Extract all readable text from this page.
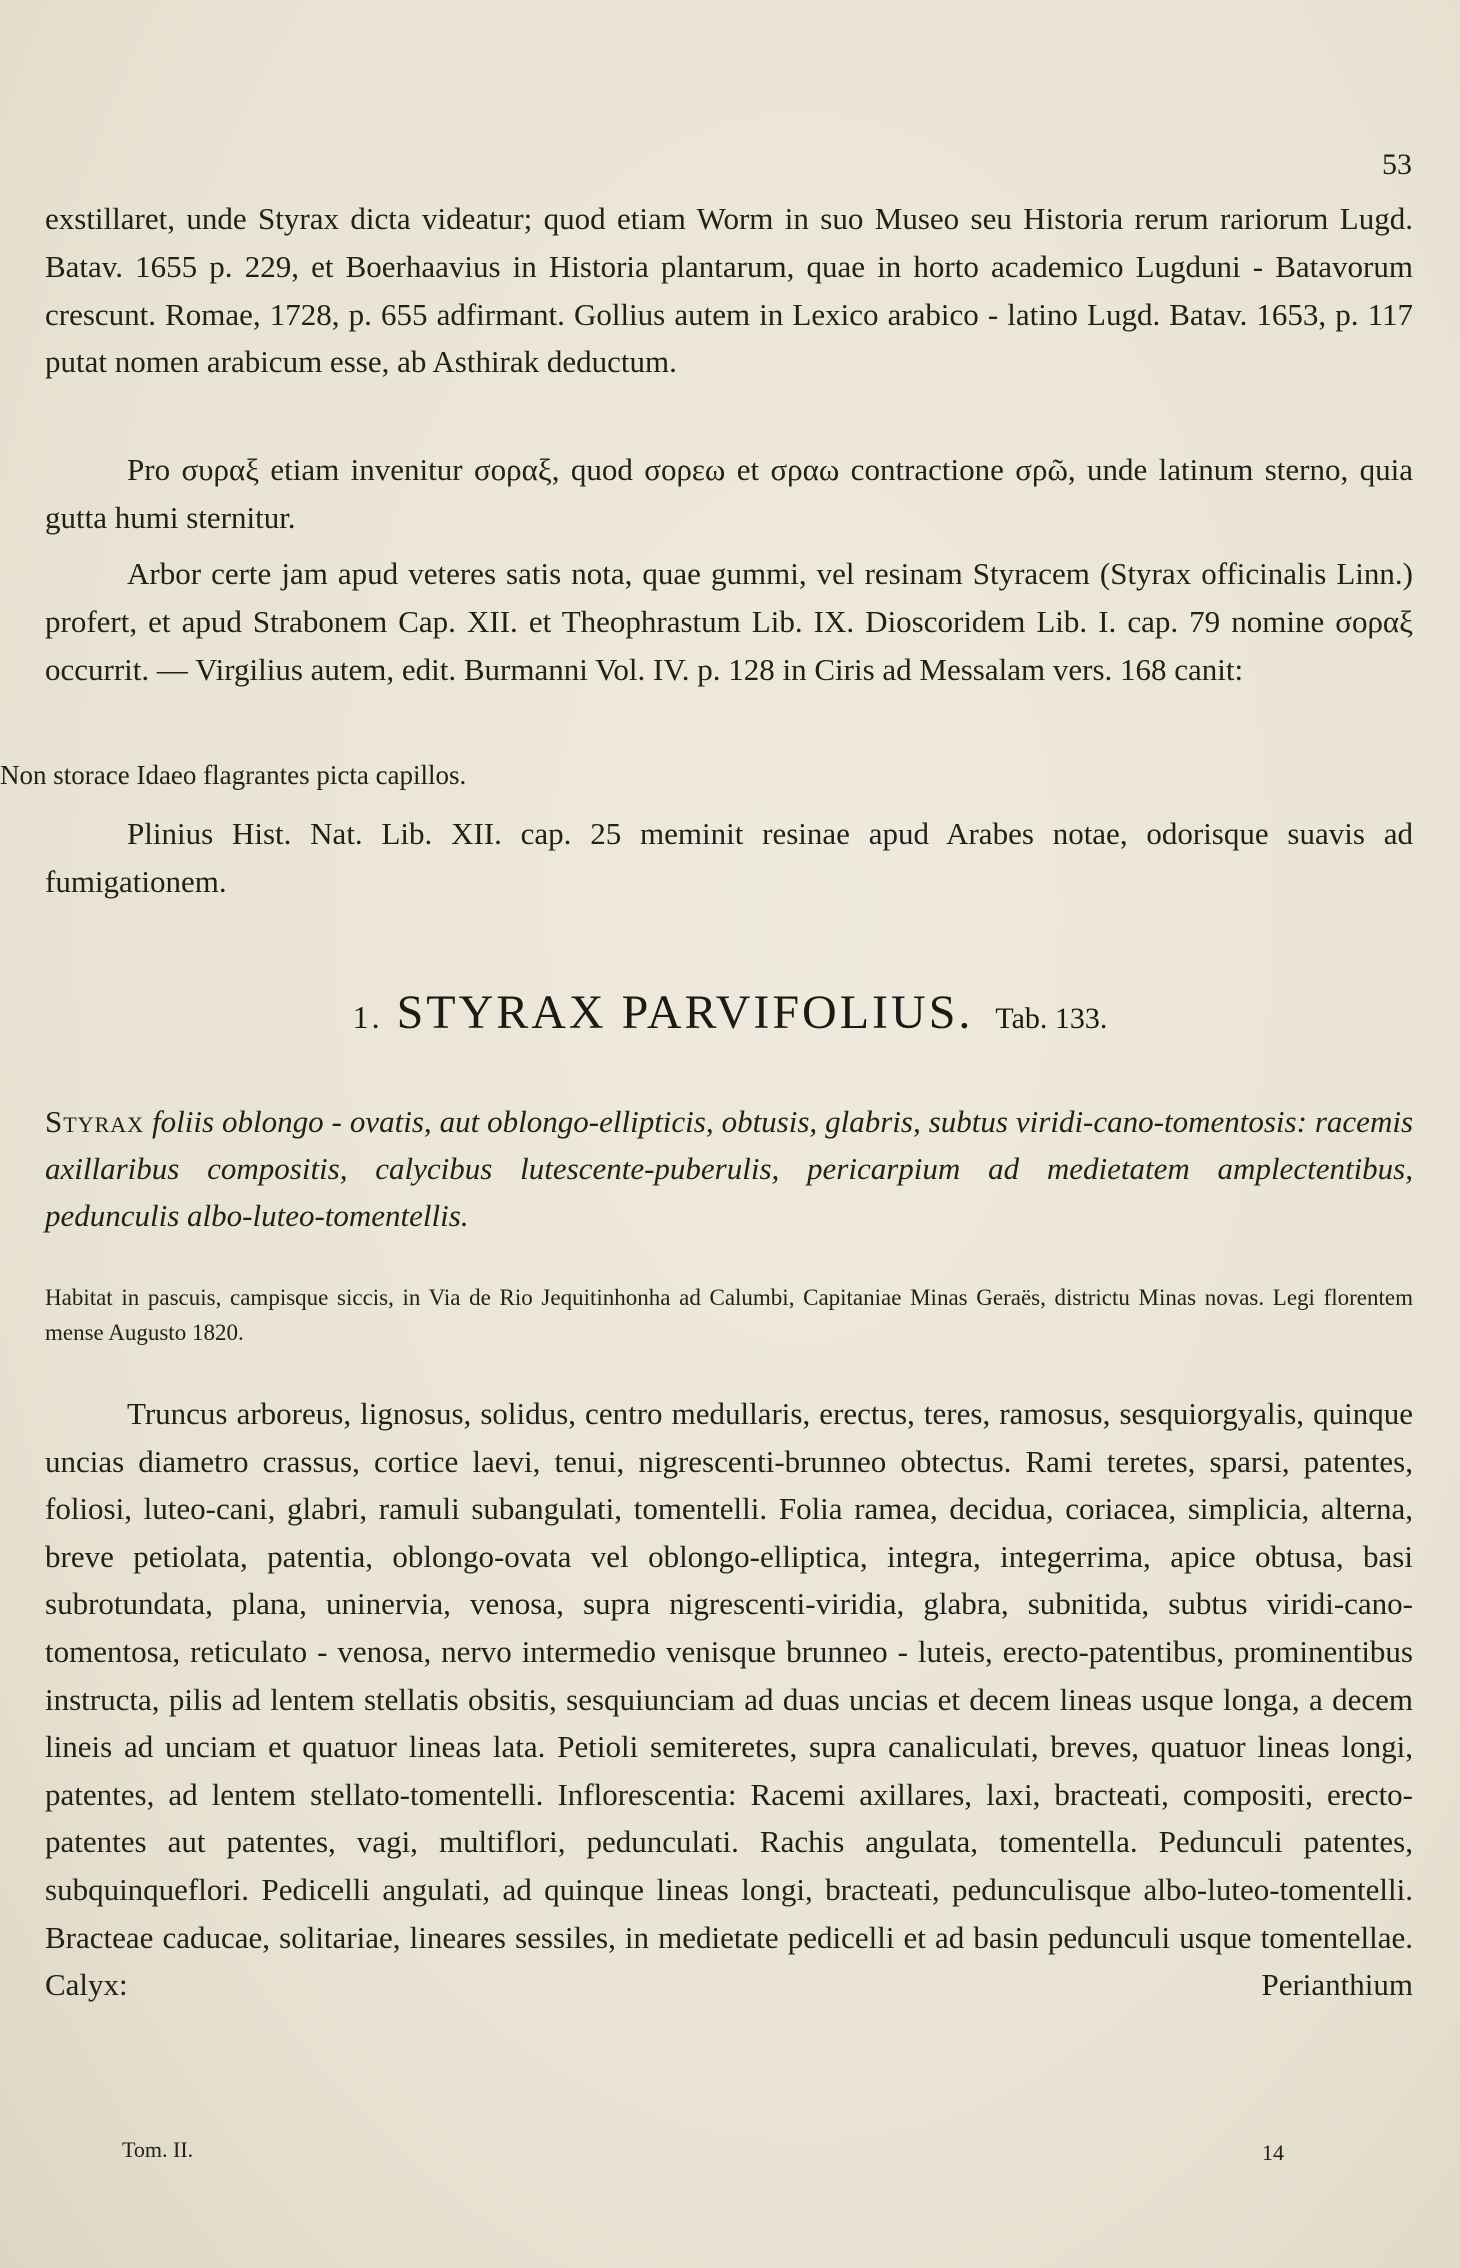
53
exstillaret, unde Styrax dicta videatur; quod etiam Worm in suo Museo seu Historia rerum rariorum Lugd. Batav. 1655 p. 229, et Boerhaavius in Historia plantarum, quae in horto academico Lugduni - Batavorum crescunt. Romae, 1728, p. 655 adfirmant. Gollius autem in Lexico arabico - latino Lugd. Batav. 1653, p. 117 putat nomen arabicum esse, ab Asthirak deductum.
Pro συραξ etiam invenitur σοραξ, quod σορεω et σραω contractione σρῶ, unde latinum sterno, quia gutta humi sternitur.
Arbor certe jam apud veteres satis nota, quae gummi, vel resinam Styracem (Styrax officinalis Linn.) profert, et apud Strabonem Cap. XII. et Theophrastum Lib. IX. Dioscoridem Lib. I. cap. 79 nomine σοραξ occurrit. — Virgilius autem, edit. Burmanni Vol. IV. p. 128 in Ciris ad Messalam vers. 168 canit:
Non storace Idaeo flagrantes picta capillos.
Plinius Hist. Nat. Lib. XII. cap. 25 meminit resinae apud Arabes notae, odorisque suavis ad fumigationem.
1. STYRAX PARVIFOLIUS. Tab. 133.
Styrax foliis oblongo - ovatis, aut oblongo-ellipticis, obtusis, glabris, subtus viridi-cano-tomentosis: racemis axillaribus compositis, calycibus lutescente-puberulis, pericarpium ad medietatem amplectentibus, pedunculis albo-luteo-tomentellis.
Habitat in pascuis, campisque siccis, in Via de Rio Jequitinhonha ad Calumbi, Capitaniae Minas Geraës, districtu Minas novas. Legi florentem mense Augusto 1820.
Truncus arboreus, lignosus, solidus, centro medullaris, erectus, teres, ramosus, sesquiorgyalis, quinque uncias diametro crassus, cortice laevi, tenui, nigrescenti-brunneo obtectus. Rami teretes, sparsi, patentes, foliosi, luteo-cani, glabri, ramuli subangulati, tomentelli. Folia ramea, decidua, coriacea, simplicia, alterna, breve petiolata, patentia, oblongo-ovata vel oblongo-elliptica, integra, integerrima, apice obtusa, basi subrotundata, plana, uninervia, venosa, supra nigrescenti-viridia, glabra, subnitida, subtus viridi-cano-tomentosa, reticulato - venosa, nervo intermedio venisque brunneo - luteis, erecto-patentibus, prominentibus instructa, pilis ad lentem stellatis obsitis, sesquiunciam ad duas uncias et decem lineas usque longa, a decem lineis ad unciam et quatuor lineas lata. Petioli semiteretes, supra canaliculati, breves, quatuor lineas longi, patentes, ad lentem stellato-tomentelli. Inflorescentia: Racemi axillares, laxi, bracteati, compositi, erecto-patentes aut patentes, vagi, multiflori, pedunculati. Rachis angulata, tomentella. Pedunculi patentes, subquinqueflori. Pedicelli angulati, ad quinque lineas longi, bracteati, pedunculisque albo-luteo-tomentelli. Bracteae caducae, solitariae, lineares sessiles, in medietate pedicelli et ad basin pedunculi usque tomentellae. Calyx: Perianthium
Tom. II.	14
